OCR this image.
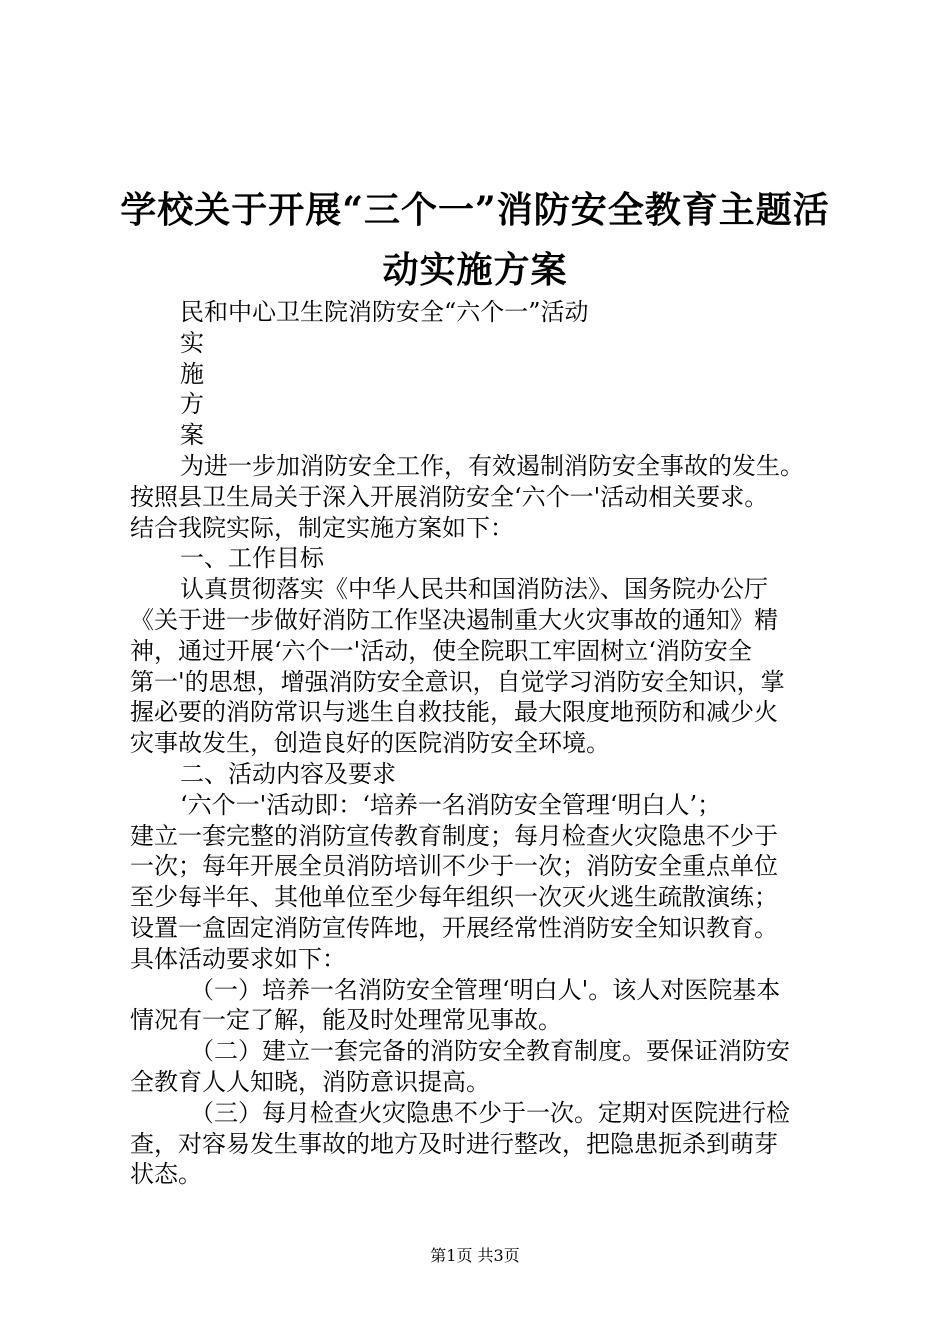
学校关于开展“三个一”消防安全教育主题活
动实施方案
民和中心卫生院消防安全“六个一”活动
实
施
方
案
为进一步加消防安全工作，有效遏制消防安全事故的发生。
按照县卫生局关于深入开展消防安全‘六个一'活动相关要求。
结合我院实际，制定实施方案如下：
一、工作目标
认真贯彻落实《中华人民共和国消防法》、国务院办公厅
《关于进一步做好消防工作坚决遏制重大火灾事故的通知》精
神，通过开展‘六个一'活动，使全院职工牢固树立‘消防安全
第一'的思想，增强消防安全意识，自觉学习消防安全知识，掌
握必要的消防常识与逃生自救技能，最大限度地预防和减少火
灾事故发生，创造良好的医院消防安全环境。
二、活动内容及要求
‘六个一'活动即：‘培养一名消防安全管理‘明白人’；
建立一套完整的消防宣传教育制度；每月检查火灾隐患不少于
一次；每年开展全员消防培训不少于一次；消防安全重点单位
至少每半年、其他单位至少每年组织一次灭火逃生疏散演练；
设置一盒固定消防宣传阵地，开展经常性消防安全知识教育。
具体活动要求如下：
（一）培养一名消防安全管理‘明白人'。该人对医院基本
情况有一定了解，能及时处理常见事故。
（二）建立一套完备的消防安全教育制度。要保证消防安
全教育人人知晓，消防意识提高。
（三）每月检查火灾隐患不少于一次。定期对医院进行检
查，对容易发生事故的地方及时进行整改，把隐患扼杀到萌芽
状态。
第1页 共3页
